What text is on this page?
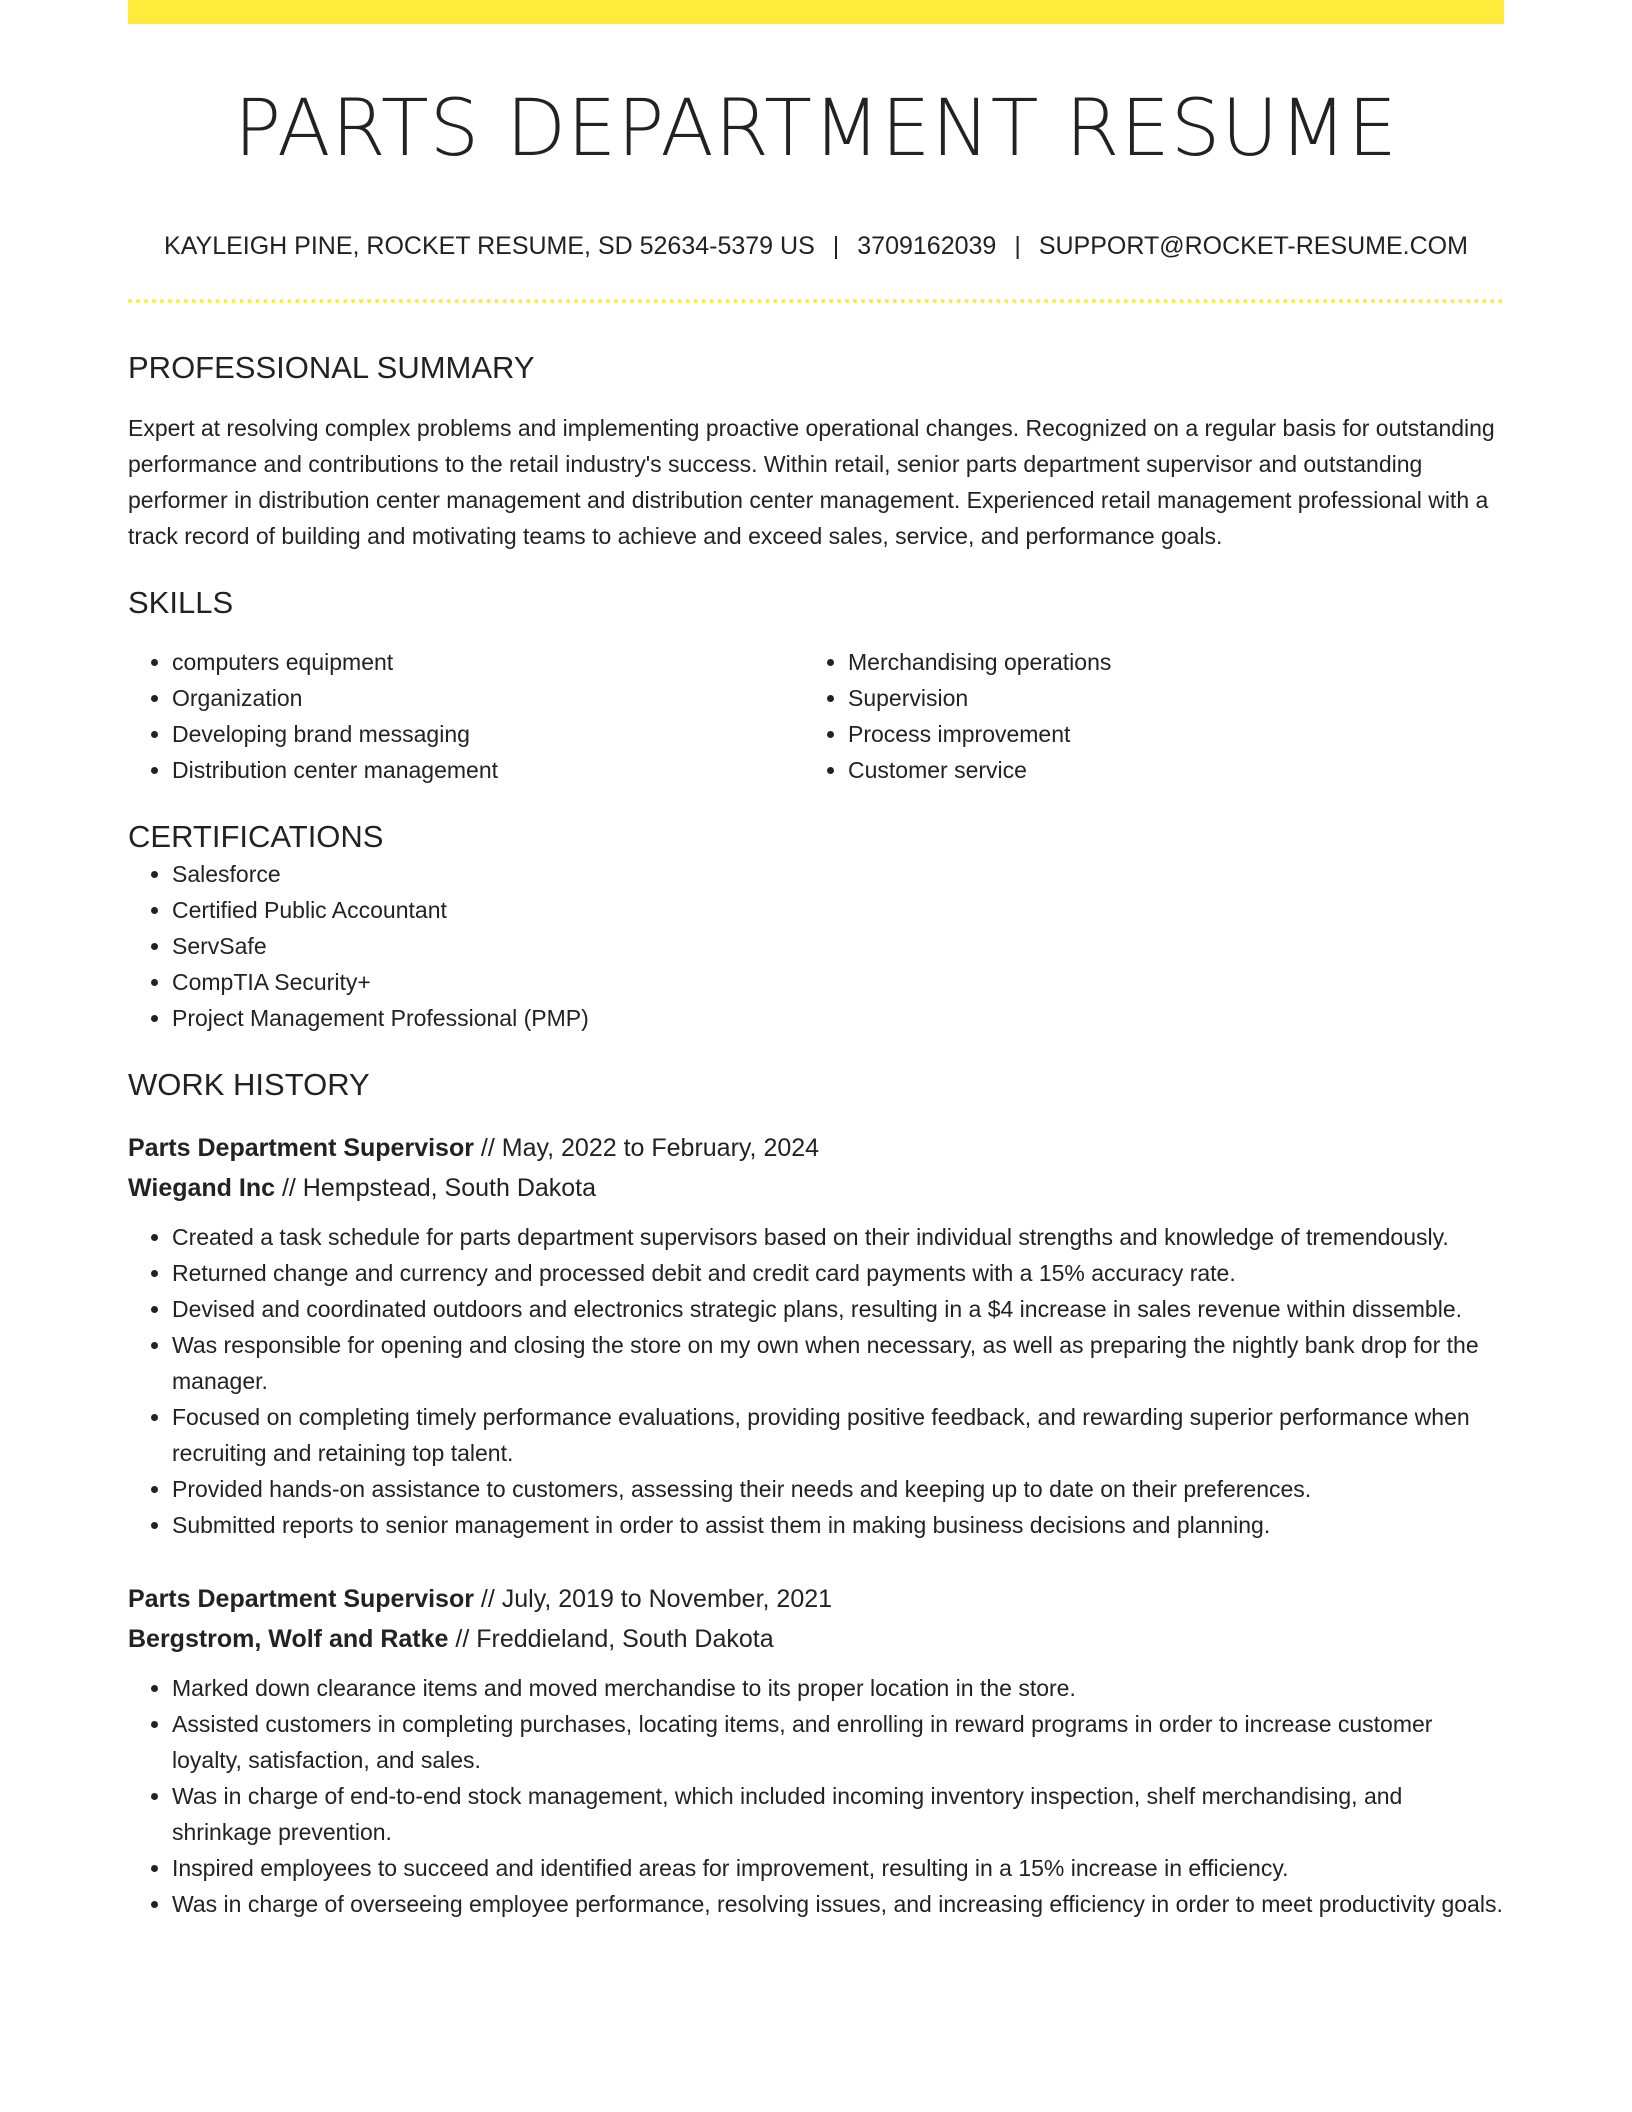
PARTS DEPARTMENT RESUME
KAYLEIGH PINE, ROCKET RESUME, SD 52634-5379 US | 3709162039 | SUPPORT@ROCKET-RESUME.COM
PROFESSIONAL SUMMARY

Expert at resolving complex problems and implementing proactive operational changes. Recognized on a regular basis for outstanding performance and contributions to the retail industry's success. Within retail, senior parts department supervisor and outstanding performer in distribution center management and distribution center management. Experienced retail management professional with a track record of building and motivating teams to achieve and exceed sales, service, and performance goals.

SKILLS
• computers equipment
• Organization
• Developing brand messaging
• Distribution center management
• Merchandising operations
• Supervision
• Process improvement
• Customer service
CERTIFICATIONS
• Salesforce
• Certified Public Accountant
• ServSafe
• CompTIA Security+
• Project Management Professional (PMP)
WORK HISTORY
Parts Department Supervisor // May, 2022 to February, 2024
Wiegand Inc // Hempstead, South Dakota
• Created a task schedule for parts department supervisors based on their individual strengths and knowledge of tremendously.
• Returned change and currency and processed debit and credit card payments with a 15% accuracy rate.
• Devised and coordinated outdoors and electronics strategic plans, resulting in a $4 increase in sales revenue within dissemble.
• Was responsible for opening and closing the store on my own when necessary, as well as preparing the nightly bank drop for the manager.
• Focused on completing timely performance evaluations, providing positive feedback, and rewarding superior performance when recruiting and retaining top talent.
• Provided hands-on assistance to customers, assessing their needs and keeping up to date on their preferences.
• Submitted reports to senior management in order to assist them in making business decisions and planning.
Parts Department Supervisor // July, 2019 to November, 2021
Bergstrom, Wolf and Ratke // Freddieland, South Dakota
• Marked down clearance items and moved merchandise to its proper location in the store.
• Assisted customers in completing purchases, locating items, and enrolling in reward programs in order to increase customer loyalty, satisfaction, and sales.
• Was in charge of end-to-end stock management, which included incoming inventory inspection, shelf merchandising, and shrinkage prevention.
• Inspired employees to succeed and identified areas for improvement, resulting in a 15% increase in efficiency.
• Was in charge of overseeing employee performance, resolving issues, and increasing efficiency in order to meet productivity goals.
